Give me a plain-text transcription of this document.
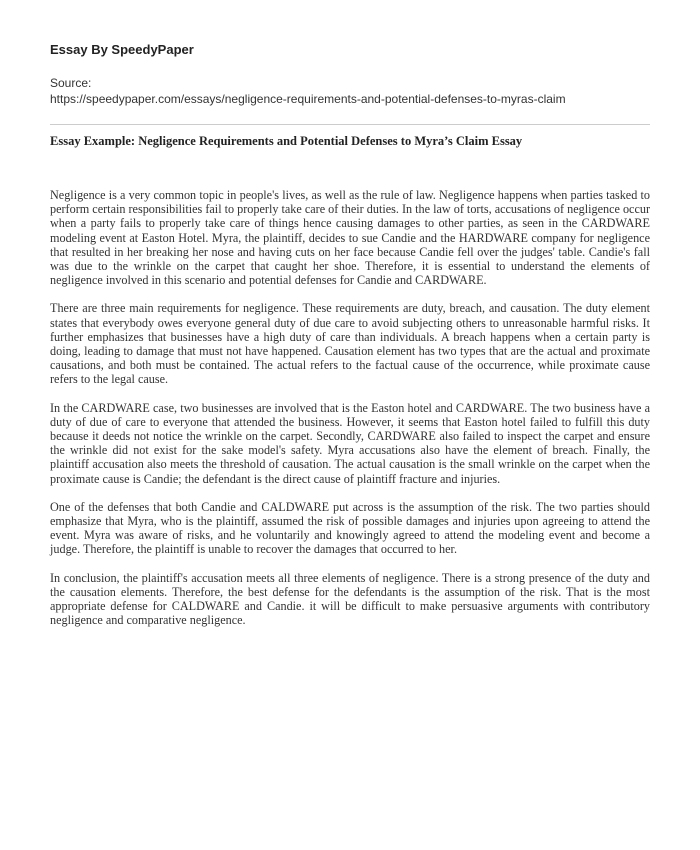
Essay By SpeedyPaper
Source:
https://speedypaper.com/essays/negligence-requirements-and-potential-defenses-to-myras-claim
Essay Example: Negligence Requirements and Potential Defenses to Myra’s Claim Essay

Negligence is a very common topic in people's lives, as well as the rule of law. Negligence happens when parties tasked to perform certain responsibilities fail to properly take care of their duties. In the law of torts, accusations of negligence occur when a party fails to properly take care of things hence causing damages to other parties, as seen in the CARDWARE modeling event at Easton Hotel. Myra, the plaintiff, decides to sue Candie and the HARDWARE company for negligence that resulted in her breaking her nose and having cuts on her face because Candie fell over the judges' table. Candie's fall was due to the wrinkle on the carpet that caught her shoe. Therefore, it is essential to understand the elements of negligence involved in this scenario and potential defenses for Candie and CARDWARE.

There are three main requirements for negligence. These requirements are duty, breach, and causation. The duty element states that everybody owes everyone general duty of due care to avoid subjecting others to unreasonable harmful risks. It further emphasizes that businesses have a high duty of care than individuals. A breach happens when a certain party is doing, leading to damage that must not have happened. Causation element has two types that are the actual and proximate causations, and both must be contained. The actual refers to the factual cause of the occurrence, while proximate cause refers to the legal cause.

In the CARDWARE case, two businesses are involved that is the Easton hotel and CARDWARE. The two business have a duty of due of care to everyone that attended the business. However, it seems that Easton hotel failed to fulfill this duty because it deeds not notice the wrinkle on the carpet. Secondly, CARDWARE also failed to inspect the carpet and ensure the wrinkle did not exist for the sake model's safety. Myra accusations also have the element of breach. Finally, the plaintiff accusation also meets the threshold of causation. The actual causation is the small wrinkle on the carpet when the proximate cause is Candie; the defendant is the direct cause of plaintiff fracture and injuries.

One of the defenses that both Candie and CALDWARE put across is the assumption of the risk. The two parties should emphasize that Myra, who is the plaintiff, assumed the risk of possible damages and injuries upon agreeing to attend the event. Myra was aware of risks, and he voluntarily and knowingly agreed to attend the modeling event and become a judge. Therefore, the plaintiff is unable to recover the damages that occurred to her.

In conclusion, the plaintiff's accusation meets all three elements of negligence. There is a strong presence of the duty and the causation elements. Therefore, the best defense for the defendants is the assumption of the risk. That is the most appropriate defense for CALDWARE and Candie. it will be difficult to make persuasive arguments with contributory negligence and comparative negligence.
